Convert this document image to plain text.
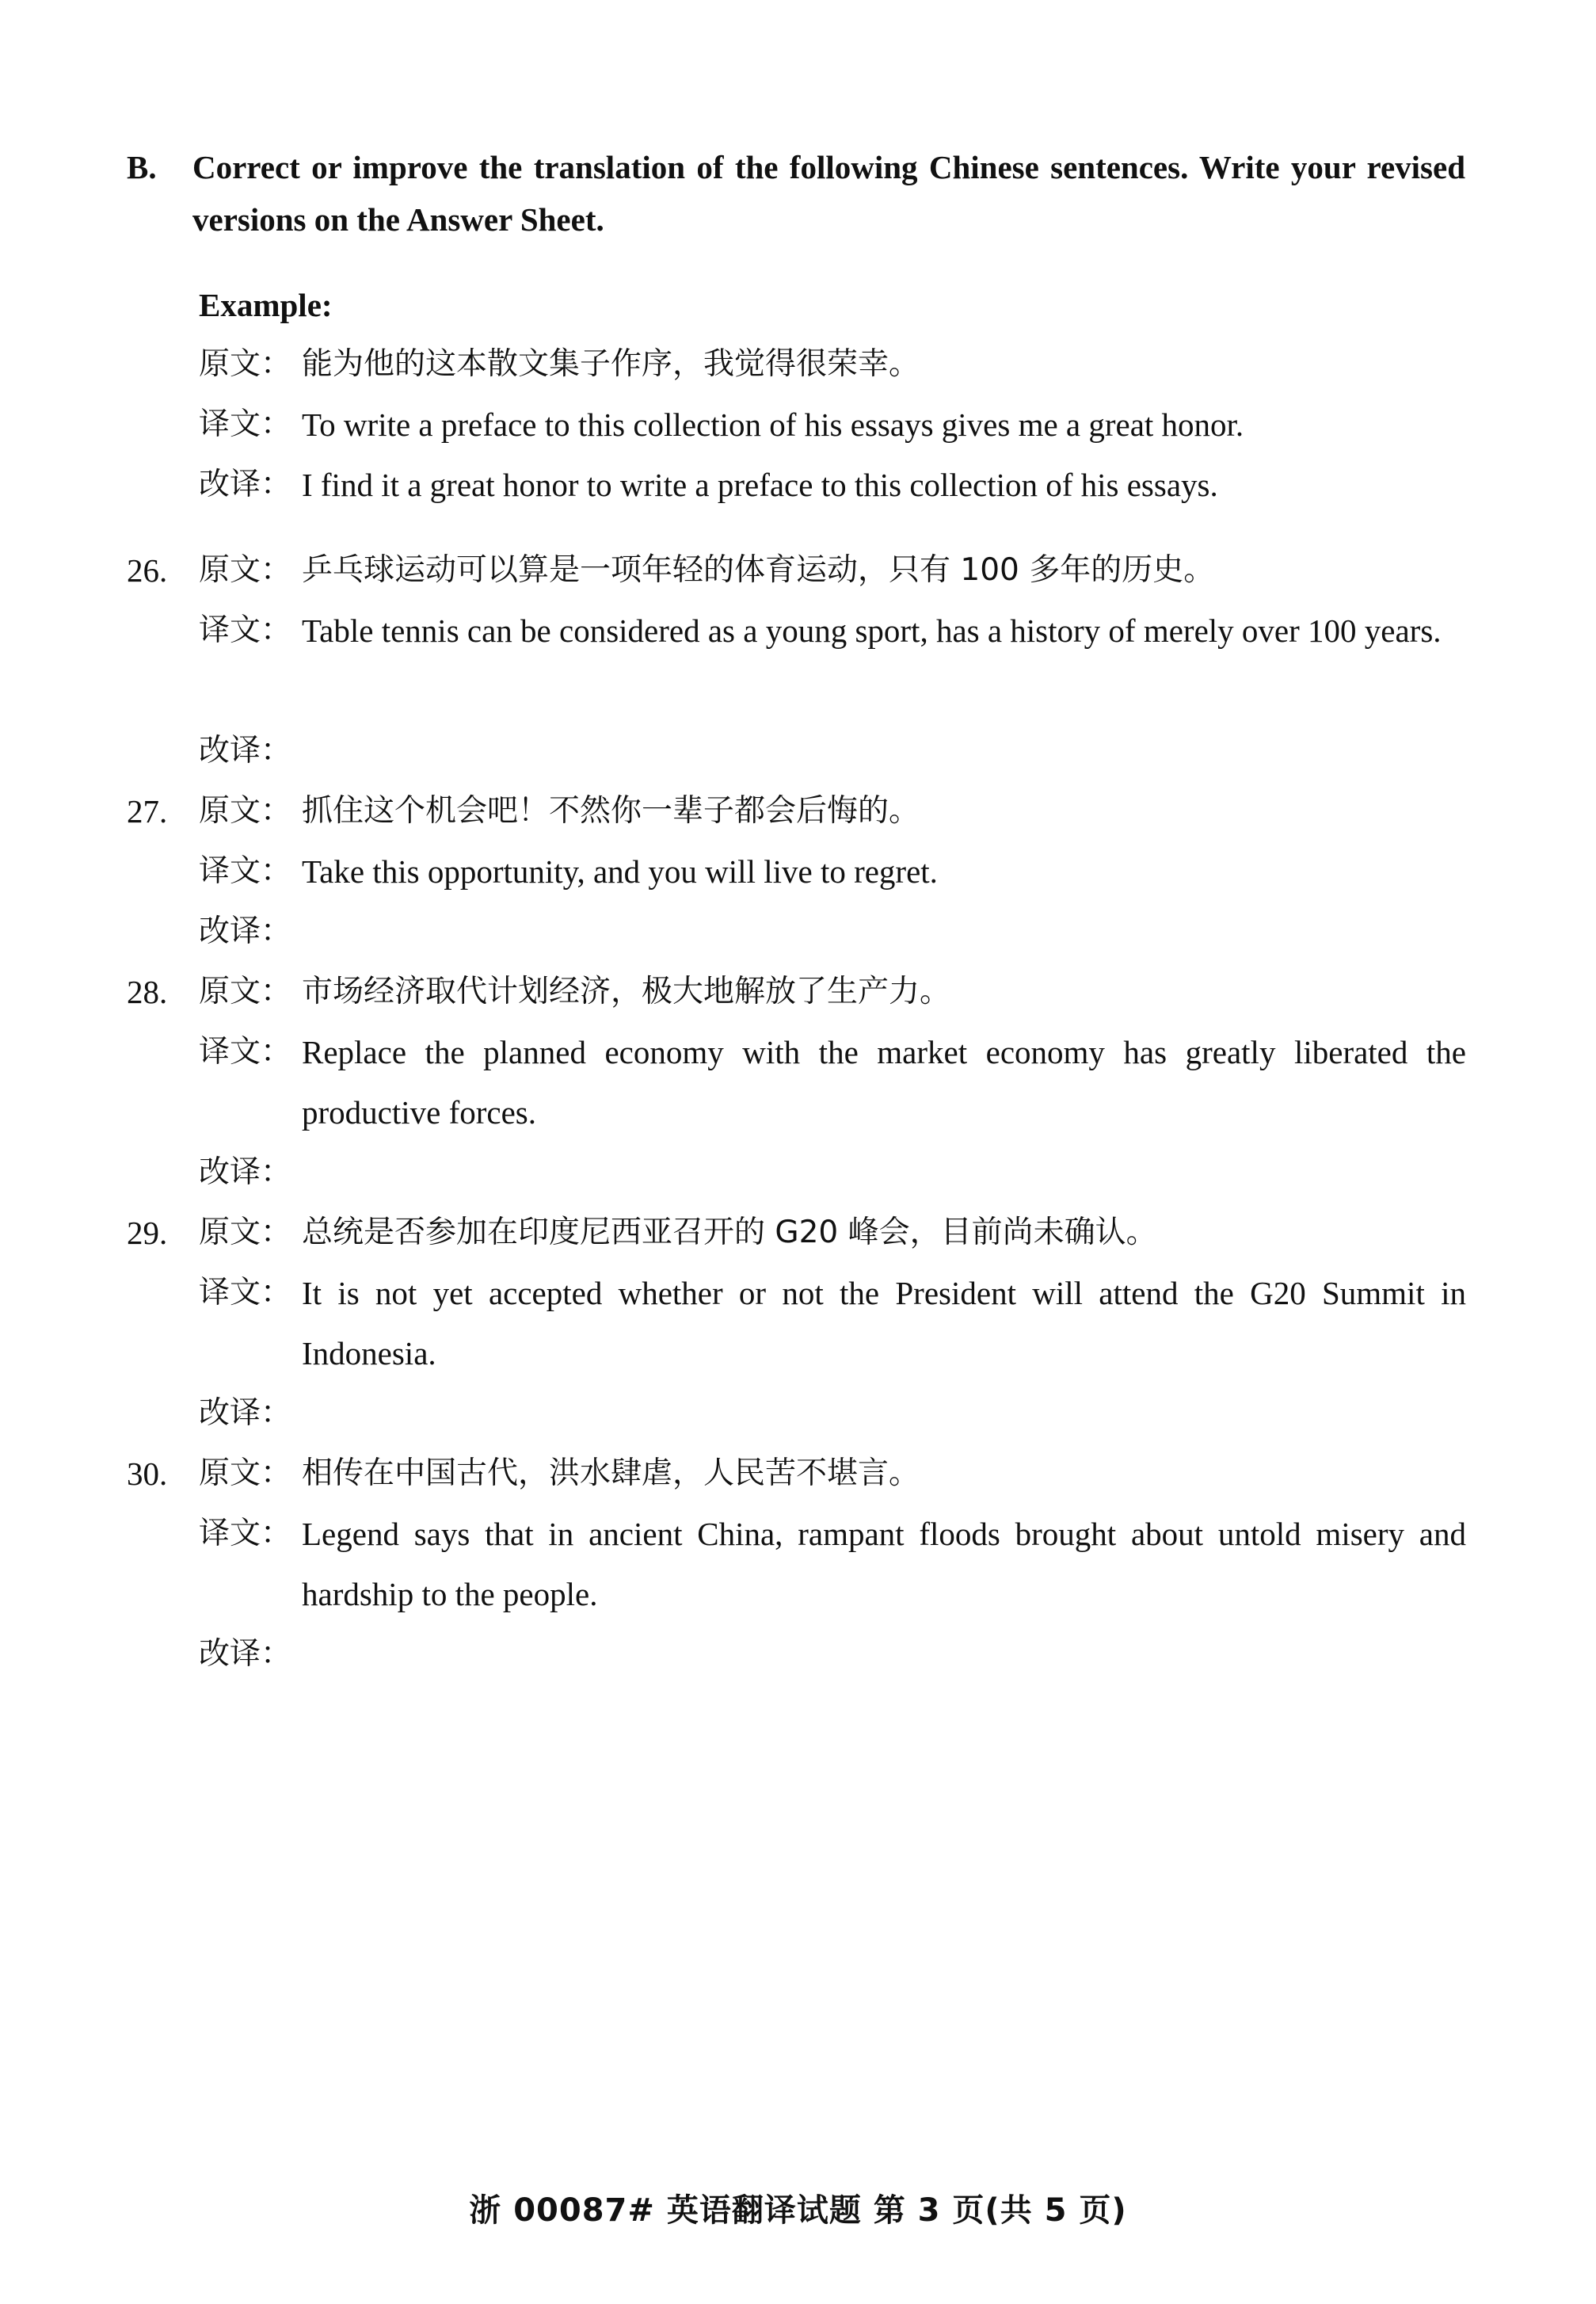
B. Correct or improve the translation of the following Chinese sentences. Write your revised versions on the Answer Sheet.
Example:
原文： 能为他的这本散文集子作序，我觉得很荣幸。
译文： To write a preface to this collection of his essays gives me a great honor.
改译： I find it a great honor to write a preface to this collection of his essays.
26.	原文： 乒乓球运动可以算是一项年轻的体育运动，只有 100 多年的历史。
译文： Table tennis can be considered as a young sport, has a history of merely over 100 years.
改译：
27.	原文： 抓住这个机会吧！不然你一辈子都会后悔的。
译文： Take this opportunity, and you will live to regret.
改译：
28.	原文： 市场经济取代计划经济，极大地解放了生产力。
译文： Replace the planned economy with the market economy has greatly liberated the productive forces.
改译：
29.	原文： 总统是否参加在印度尼西亚召开的 G20 峰会，目前尚未确认。
译文： It is not yet accepted whether or not the President will attend the G20 Summit in Indonesia.
改译：
30.	原文： 相传在中国古代，洪水肆虐，人民苦不堪言。
译文： Legend says that in ancient China, rampant floods brought about untold misery and hardship to the people.
改译：
浙 00087# 英语翻译试题 第 3 页(共 5 页)
